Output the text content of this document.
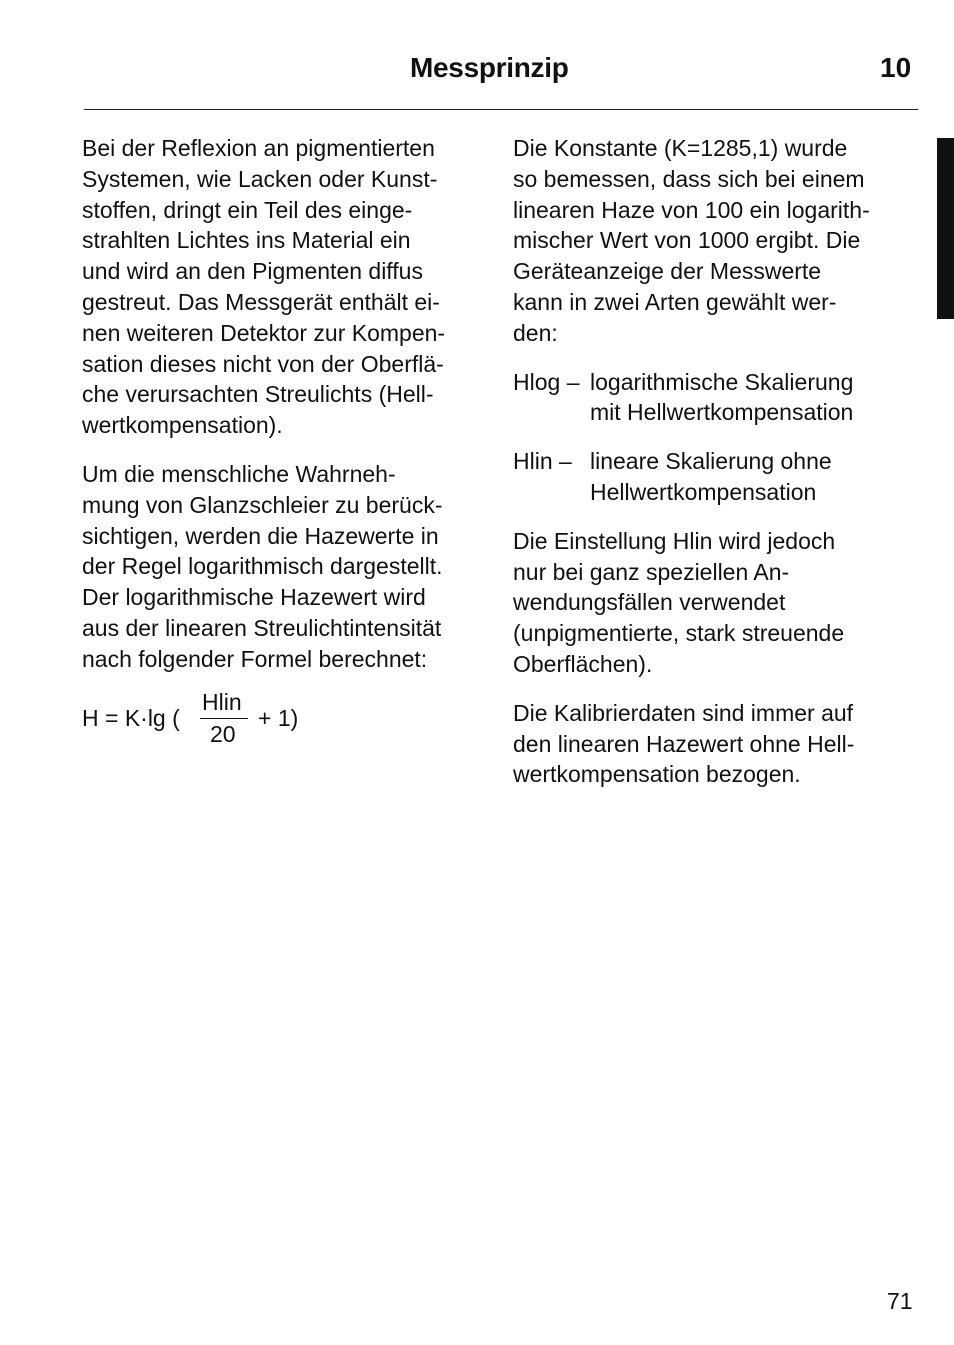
Messprinzip	10

Bei der Reflexion an pigmentierten
Systemen, wie Lacken oder Kunst-
stoffen, dringt ein Teil des einge-
strahlten Lichtes ins Material ein
und wird an den Pigmenten diffus
gestreut. Das Messgerät enthält ei-
nen weiteren Detektor zur Kompen-
sation dieses nicht von der Oberflä-
che verursachten Streulichts (Hell-
wertkompensation).

Um die menschliche Wahrneh-
mung von Glanzschleier zu berück-
sichtigen, werden die Hazewerte in
der Regel logarithmisch dargestellt.
Der logarithmische Hazewert wird
aus der linearen Streulichtintensität
nach folgender Formel berechnet:

H = K·lg (
Hlin
20
+ 1)

Die Konstante (K=1285,1) wurde
so bemessen, dass sich bei einem
linearen Haze von 100 ein logarith-
mischer Wert von 1000 ergibt. Die
Geräteanzeige der Messwerte
kann in zwei Arten gewählt wer-
den:

Hlog – logarithmische Skalierung
mit Hellwertkompensation
Hlin – lineare Skalierung ohne
Hellwertkompensation

Die Einstellung Hlin wird jedoch
nur bei ganz speziellen An-
wendungsfällen verwendet
(unpigmentierte, stark streuende
Oberflächen).

Die Kalibrierdaten sind immer auf
den linearen Hazewert ohne Hell-
wertkompensation bezogen.

71
